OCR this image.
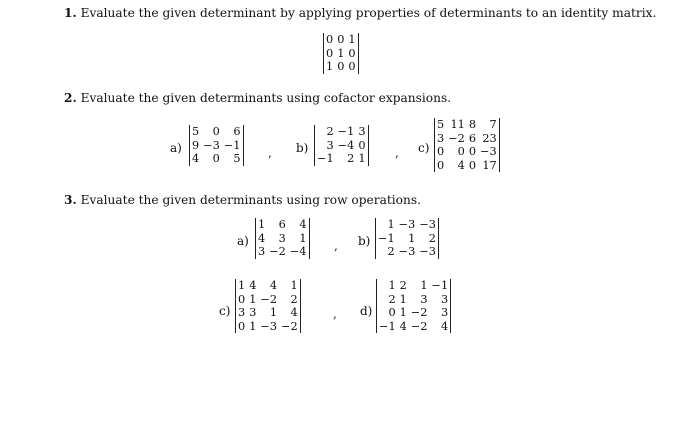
1. Evaluate the given determinant by applying properties of determinants to an identity matrix.
0	0	1
0	1	0
1	0	0
2. Evaluate the given determinants using cofactor expansions.
a)
5	0	6
9	−3	−1
4	0	5 , b)
2	−1	3
3	−4	0
−1	2	1 , c)
5	11	8	7
3	−2	6	23
0	0	0	−3
0	4	0	17
3. Evaluate the given determinants using row operations.
a)
1	6	4
4	3	1
3	−2	−4 , b)
1	−3	−3
−1	1	2
2	−3	−3
c)
1	4	4	1
0	1	−2	2
3	3	1	4
0	1	−3	−2
, d)
1	2	1	−1
2	1	3	3
0	1	−2	3
−1	4	−2	4
